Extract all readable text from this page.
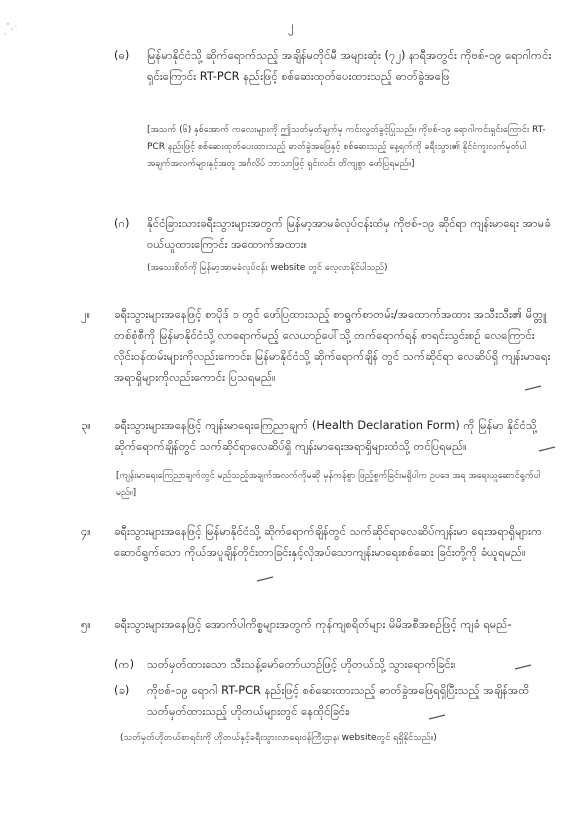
၂
(ဓ) မြန်မာနိုင်ငံသို့ ဆိုက်ရောက်သည့် အချိန်မတိုင်မီ အများဆုံး (၇၂) နာရီအတွင်း ကိုဗစ်-၁၉ ရောဂါကင်းရှင်းကြောင်း RT-PCR နည်းဖြင့် စစ်ဆေးထုတ်ပေးထားသည့် ဓာတ်ခွဲအဖြေ
[အသက် (၆) နှစ်အောက် ကလေးများကို ဤသတ်မှတ်ချက်မှ ကင်းလွတ်ခွင့်ပြုသည်။ ကိုဗစ်-၁၉ ရောဂါကင်းရှင်းကြောင်း RT-PCR နည်းဖြင့် စစ်ဆေးထုတ်ပေးထားသည့် ဓာတ်ခွဲအဖြေနှင့် စစ်ဆေးသည့် နေ့ရက်ကို ခရီးသွား၏ နိုင်ငံကူးလက်မှတ်ပါ အချက်အလက်များနှင့်အတူ အင်္ဂလိပ် ဘာသာဖြင့် ရှင်းလင်း တိကျစွာ ဖော်ပြရမည်။]
(ဂ) နိုင်ငံခြားသားခရီးသွားများအတွက် မြန်မာ့အာမခံလုပ်ငန်းထံမှ ကိုဗစ်-၁၉ ဆိုင်ရာ ကျန်းမာရေး အာမခံဝယ်ယူထားကြောင်း အထောက်အထား။
(အသေးစိတ်ကို မြန်မာ့အာမခံလုပ်ငန်း website တွင် လေ့လာနိုင်ပါသည်)
၂။ ခရီးသွားများအနေဖြင့် စာပိုဒ် ၁ တွင် ဖော်ပြထားသည့် စာရွက်စာတမ်း/အထောက်အထား အသီးသီး၏ မိတ္တူတစ်စုံစီကို မြန်မာနိုင်ငံသို့ လာရောက်မည့် လေယာဉ်ပေါ်သို့ တက်ရောက်ရန် စာရင်းသွင်းစဉ် လေကြောင်းလိုင်းဝန်ထမ်းများကိုလည်းကောင်း၊ မြန်မာနိုင်ငံသို့ ဆိုက်ရောက်ချိန် တွင် သက်ဆိုင်ရာ လေဆိပ်ရှိ ကျန်းမာရေးအရာရှိများကိုလည်းကောင်း ပြသရမည်။
၃။ ခရီးသွားများအနေဖြင့် ကျန်းမာရေးကြေညာချက် (Health Declaration Form) ကို မြန်မာ နိုင်ငံသို့ ဆိုက်ရောက်ချိန်တွင် သက်ဆိုင်ရာလေဆိပ်ရှိ ကျန်းမာရေးအရာရှိများထံသို့ တင်ပြရမည်။
[ကျန်းမာရေးကြေညာချက်တွင် မည်သည့်အချက်အလက်ကိုမဆို မှန်ကန်စွာ ဖြည့်စွက်ခြင်းမရှိပါက ဥပဒေ အရ အရေးယူဆောင်ရွက်ပါမည်။]
၄။ ခရီးသွားများအနေဖြင့် မြန်မာနိုင်ငံသို့ ဆိုက်ရောက်ချိန်တွင် သက်ဆိုင်ရာလေဆိပ်ကျန်းမာ ရေးအရာရှိများကဆောင်ရွက်သော ကိုယ်အပူချိန်တိုင်းတာခြင်းနှင့်လိုအပ်သောကျန်းမာရေးစစ်ဆေး ခြင်းတို့ကို ခံယူရမည်။
၅။ ခရီးသွားများအနေဖြင့် အောက်ပါကိစ္စများအတွက် ကုန်ကျစရိတ်များ မိမိအစီအစဉ်ဖြင့် ကျခံ ရမည်-
(က) သတ်မှတ်ထားသော သီးသန့်မော်တော်ယာဉ်ဖြင့် ဟိုတယ်သို့ သွားရောက်ခြင်း၊
(ခ) ကိုဗစ်-၁၉ ရောဂါ RT-PCR နည်းဖြင့် စစ်ဆေးထားသည့် ဓာတ်ခွဲအဖြေရရှိပြီးသည့် အချိန်အထိ သတ်မှတ်ထားသည့် ဟိုတယ်များတွင် နေထိုင်ခြင်း၊
(သတ်မှတ်ဟိုတယ်စာရင်းကို ဟိုတယ်နှင့်ခရီးသွားလာရေးဝန်ကြီးဌာန၊ websiteတွင် ရရှိနိုင်သည်။)
